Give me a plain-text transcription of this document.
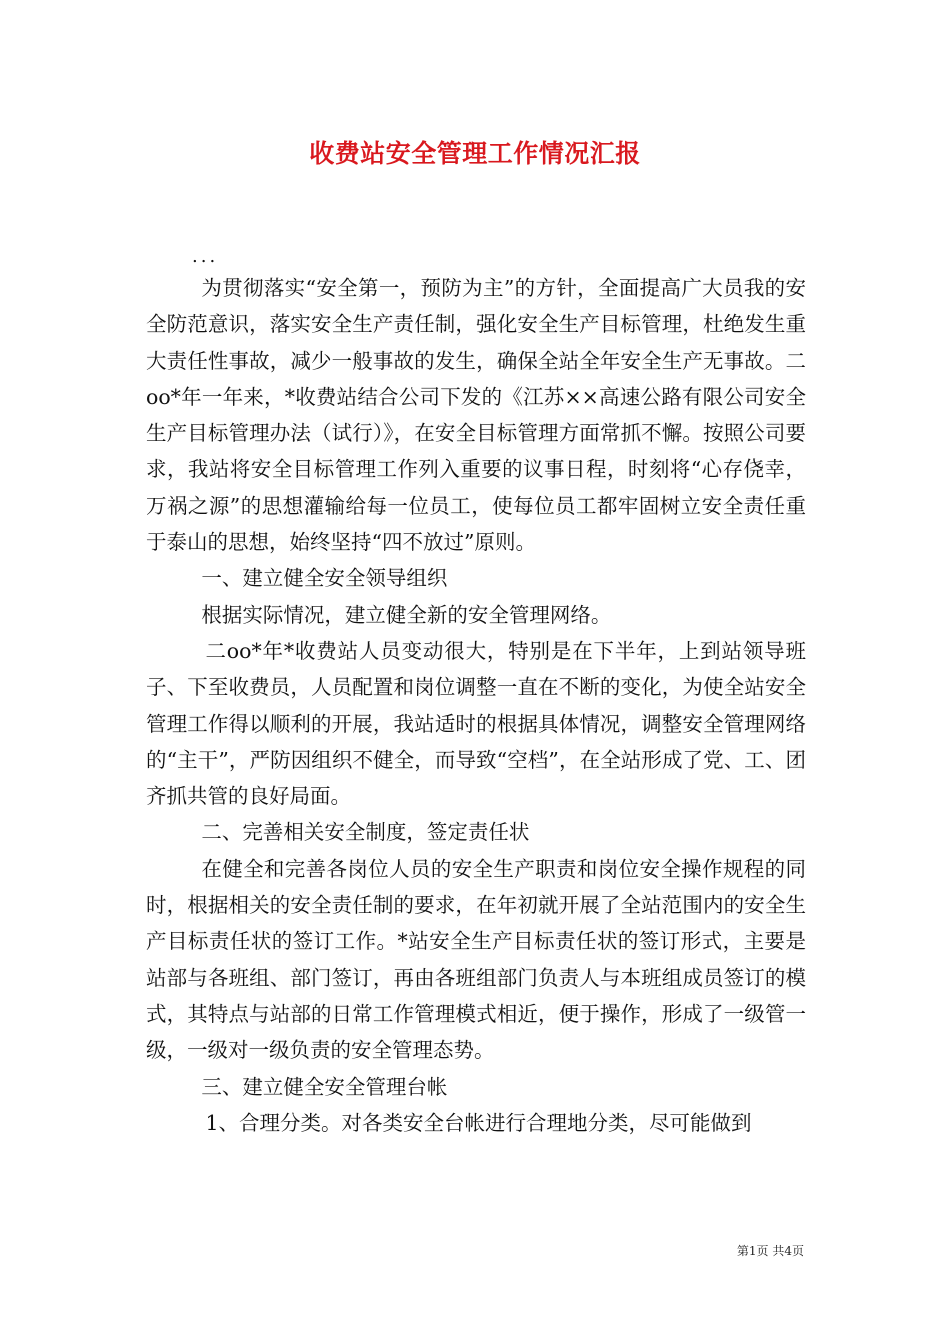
收费站安全管理工作情况汇报

...

为贯彻落实“安全第一，预防为主”的方针，全面提高广大员我的安全防范意识，落实安全生产责任制，强化安全生产目标管理，杜绝发生重大责任性事故，减少一般事故的发生，确保全站全年安全生产无事故。二oo*年一年来，*收费站结合公司下发的《江苏××高速公路有限公司安全生产目标管理办法（试行）》，在安全目标管理方面常抓不懈。按照公司要求，我站将安全目标管理工作列入重要的议事日程，时刻将“心存侥幸，万祸之源”的思想灌输给每一位员工，使每位员工都牢固树立安全责任重于泰山的思想，始终坚持“四不放过”原则。

一、建立健全安全领导组织

根据实际情况，建立健全新的安全管理网络。

二oo*年*收费站人员变动很大，特别是在下半年，上到站领导班子、下至收费员，人员配置和岗位调整一直在不断的变化，为使全站安全管理工作得以顺利的开展，我站适时的根据具体情况，调整安全管理网络的“主干”，严防因组织不健全，而导致“空档”，在全站形成了党、工、团齐抓共管的良好局面。

二、完善相关安全制度，签定责任状

在健全和完善各岗位人员的安全生产职责和岗位安全操作规程的同时，根据相关的安全责任制的要求，在年初就开展了全站范围内的安全生产目标责任状的签订工作。*站安全生产目标责任状的签订形式，主要是站部与各班组、部门签订，再由各班组部门负责人与本班组成员签订的模式，其特点与站部的日常工作管理模式相近，便于操作，形成了一级管一级，一级对一级负责的安全管理态势。

三、建立健全安全管理台帐

1、合理分类。对各类安全台帐进行合理地分类，尽可能做到

第1页 共4页
